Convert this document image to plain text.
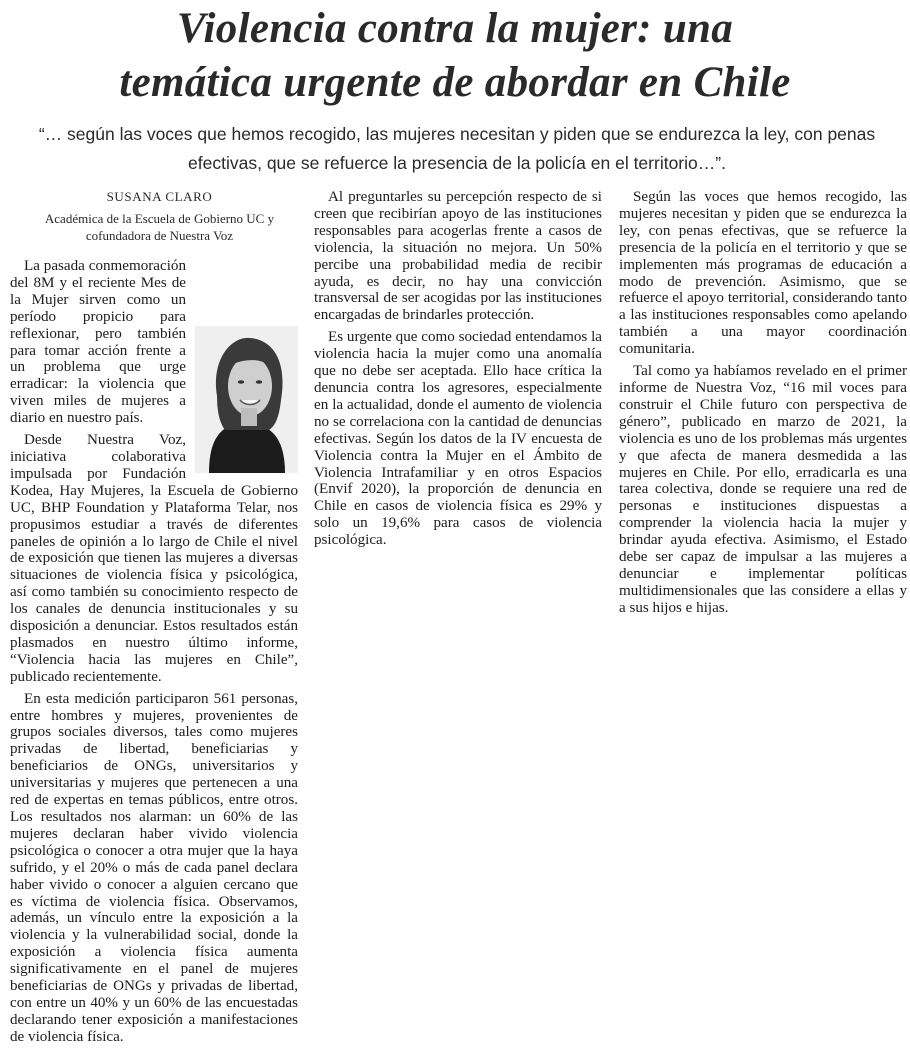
Violencia contra la mujer: una
temática urgente de abordar en Chile
“… según las voces que hemos recogido, las mujeres necesitan y piden que se endurezca la ley, con penas efectivas, que se refuerce la presencia de la policía en el territorio…”.
SUSANA CLARO
Académica de la Escuela de Gobierno UC y cofundadora de Nuestra Voz

La pasada conmemoración del 8M y el reciente Mes de la Mujer sirven como un período propicio para reflexionar, pero también para tomar acción frente a un problema que urge erradicar: la violencia que viven miles de mujeres a diario en nuestro país.

Desde Nuestra Voz, iniciativa colaborativa impulsada por Fundación Kodea, Hay Mujeres, la Escuela de Gobierno UC, BHP Foundation y Plataforma Telar, nos propusimos estudiar a través de diferentes paneles de opinión a lo largo de Chile el nivel de exposición que tienen las mujeres a diversas situaciones de violencia física y psicológica, así como también su conocimiento respecto de los canales de denuncia institucionales y su disposición a denunciar. Estos resultados están plasmados en nuestro último informe, “Violencia hacia las mujeres en Chile”, publicado recientemente.

En esta medición participaron 561 personas, entre hombres y mujeres, provenientes de grupos sociales diversos, tales como mujeres privadas de libertad, beneficiarias y beneficiarios de ONGs, universitarios y universitarias y mujeres que pertenecen a una red de expertas en temas públicos, entre otros. Los resultados nos alarman: un 60% de las mujeres declaran haber vivido violencia psicológica o conocer a otra mujer que la haya sufrido, y el 20% o más de cada panel declara haber vivido o conocer a alguien cercano que es víctima de violencia física. Observamos, además, un vínculo entre la exposición a la violencia y la vulnerabilidad social, donde la exposición a violencia física aumenta significativamente en el panel de mujeres beneficiarias de ONGs y privadas de libertad, con entre un 40% y un 60% de las encuestadas declarando tener exposición a manifestaciones de violencia física.

Al preguntarles su percepción respecto de si creen que recibirían apoyo de las instituciones responsables para acogerlas frente a casos de violencia, la situación no mejora. Un 50% percibe una probabilidad media de recibir ayuda, es decir, no hay una convicción transversal de ser acogidas por las instituciones encargadas de brindarles protección.

Es urgente que como sociedad entendamos la violencia hacia la mujer como una anomalía que no debe ser aceptada. Ello hace crítica la denuncia contra los agresores, especialmente en la actualidad, donde el aumento de violencia no se correlaciona con la cantidad de denuncias efectivas. Según los datos de la IV encuesta de Violencia contra la Mujer en el Ámbito de Violencia Intrafamiliar y en otros Espacios (Envif 2020), la proporción de denuncia en Chile en casos de violencia física es 29% y solo un 19,6% para casos de violencia psicológica.

Según las voces que hemos recogido, las mujeres necesitan y piden que se endurezca la ley, con penas efectivas, que se refuerce la presencia de la policía en el territorio y que se implementen más programas de educación a modo de prevención. Asimismo, que se refuerce el apoyo territorial, considerando tanto a las instituciones responsables como apelando también a una mayor coordinación comunitaria.

Tal como ya habíamos revelado en el primer informe de Nuestra Voz, “16 mil voces para construir el Chile futuro con perspectiva de género”, publicado en marzo de 2021, la violencia es uno de los problemas más urgentes y que afecta de manera desmedida a las mujeres en Chile. Por ello, erradicarla es una tarea colectiva, donde se requiere una red de personas e instituciones dispuestas a comprender la violencia hacia la mujer y brindar ayuda efectiva. Asimismo, el Estado debe ser capaz de impulsar a las mujeres a denunciar e implementar políticas multidimensionales que las considere a ellas y a sus hijos e hijas.
